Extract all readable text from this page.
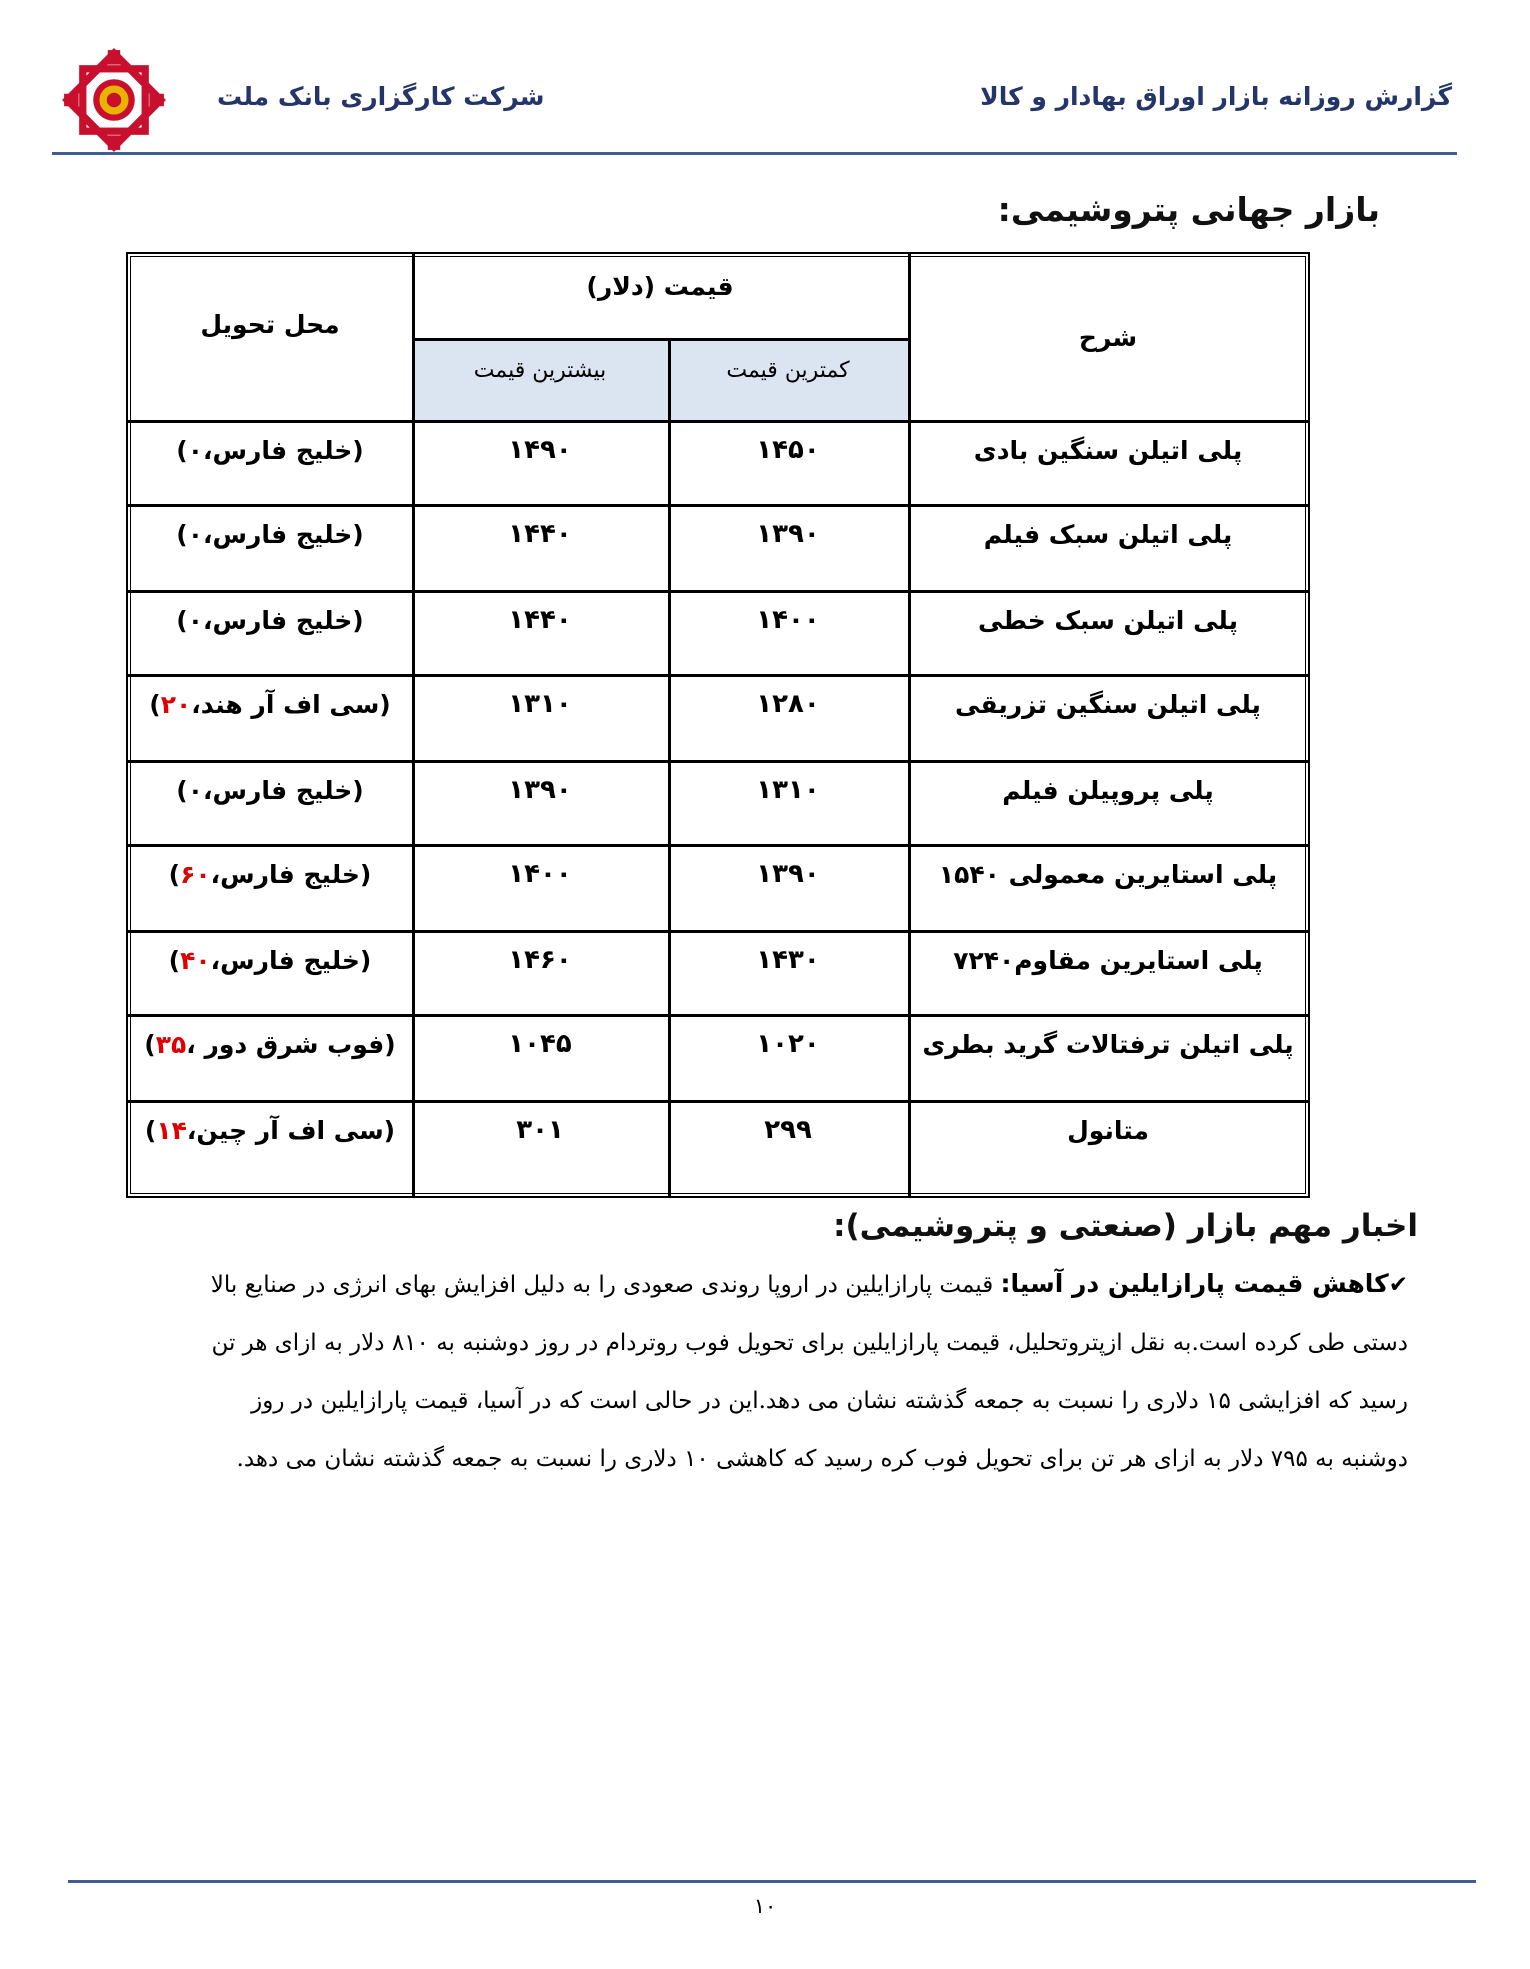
شرکت کارگزاری بانک ملت	گزارش روزانه بازار اوراق بهادار و کالا
بازار جهانی پتروشیمی:
شرح
قیمت (دلار)
کمترین قیمت
بیشترین قیمت
محل تحویل
پلی اتیلن سنگین بادی
۱۴۵۰
۱۴۹۰
(خلیج فارس،
۰
)
پلی اتیلن سبک فیلم
۱۳۹۰
۱۴۴۰
(خلیج فارس،
۰
)
پلی اتیلن سبک خطی
۱۴۰۰
۱۴۴۰
(خلیج فارس،
۰
)
پلی اتیلن سنگین تزریقی
۱۲۸۰
۱۳۱۰
(سی اف آر هند،
۲۰
)
پلی پروپیلن فیلم
۱۳۱۰
۱۳۹۰
(خلیج فارس،
۰
)
پلی استایرین معمولی ۱۵۴۰
۱۳۹۰
۱۴۰۰
(خلیج فارس،
۶۰
)
پلی استایرین مقاوم۷۲۴۰
۱۴۳۰
۱۴۶۰
(خلیج فارس،
۴۰
)
پلی اتیلن ترفتالات گرید بطری
۱۰۲۰
۱۰۴۵
(فوب شرق دور ،
۳۵
)
متانول
۲۹۹
۳۰۱
(سی اف آر چین،
۱۴
)
اخبار مهم بازار (صنعتی و پتروشیمی):
✔کاهش قیمت پارازایلین در آسیا: قیمت پارازایلین در اروپا روندی صعودی را به دلیل افزایش بهای انرژی در صنایع بالا
دستی طی کرده است.به نقل ازپتروتحلیل، قیمت پارازایلین برای تحویل فوب روتردام در روز دوشنبه به ۸۱۰ دلار به ازای هر تن
رسید که افزایشی ۱۵ دلاری را نسبت به جمعه گذشته نشان می دهد.این در حالی است که در آسیا، قیمت پارازایلین در روز
دوشنبه به ۷۹۵ دلار به ازای هر تن برای تحویل فوب کره رسید که کاهشی ۱۰ دلاری را نسبت به جمعه گذشته نشان می دهد.
۱۰
